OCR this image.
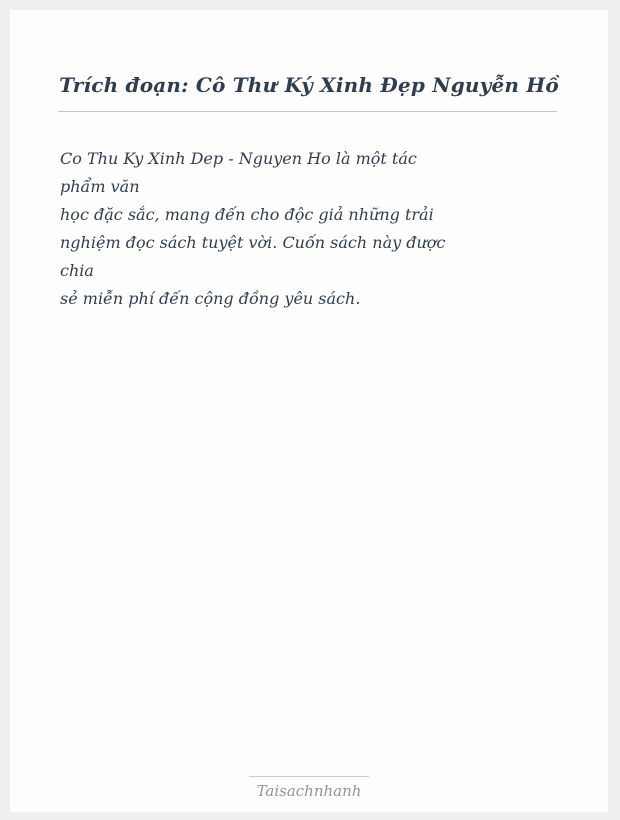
Trích đoạn: Cô Thư Ký Xinh Đẹp Nguyễn Hồ

Co Thu Ky Xinh Dep - Nguyen Ho là một tác

phẩm văn

học đặc sắc, mang đến cho độc giả những trải

nghiệm đọc sách tuyệt vời. Cuốn sách này được

chia

sẻ miễn phí đến cộng đồng yêu sách.

Taisachnhanh
